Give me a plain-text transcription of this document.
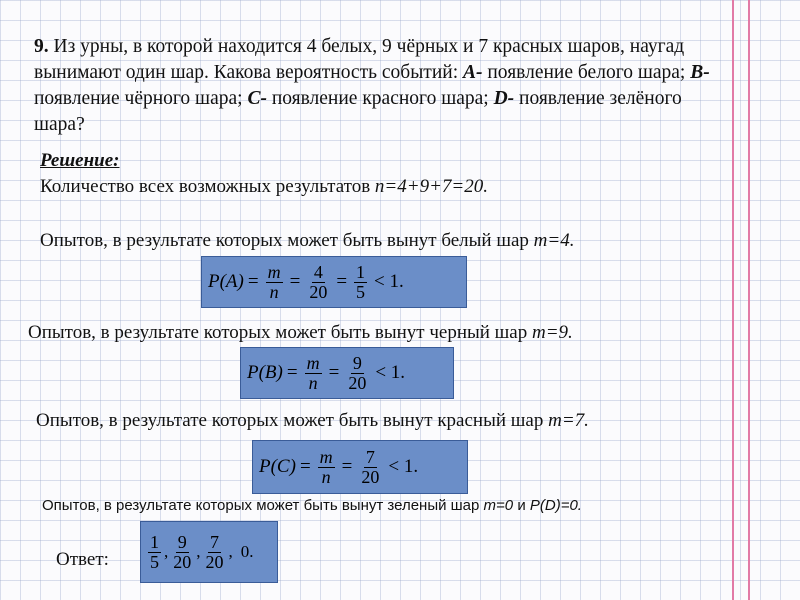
9. Из урны, в которой находится 4 белых, 9 чёрных и 7 красных шаров, наугад вынимают один шар. Какова вероятность событий: А- появление белого шара; В- появление чёрного шара; С- появление красного шара; D- появление зелёного шара?
Решение:
Количество всех возможных результатов n=4+9+7=20.
Опытов, в результате которых может быть вынут белый шар m=4.
$P(A) = \frac{m}{n} = \frac{4}{20} = \frac{1}{5} < 1$.
Опытов, в результате которых может быть вынут черный шар m=9.
$P(B) = \frac{m}{n} = \frac{9}{20} < 1$.
Опытов, в результате которых может быть вынут красный шар m=7.
$P(C) = \frac{m}{n} = \frac{7}{20} < 1$.
Опытов, в результате которых может быть вынут зеленый шар m=0 и P(D)=0.
Ответ: $\frac{1}{5}$ , $\frac{9}{20}$ , $\frac{7}{20}$ , 0.
